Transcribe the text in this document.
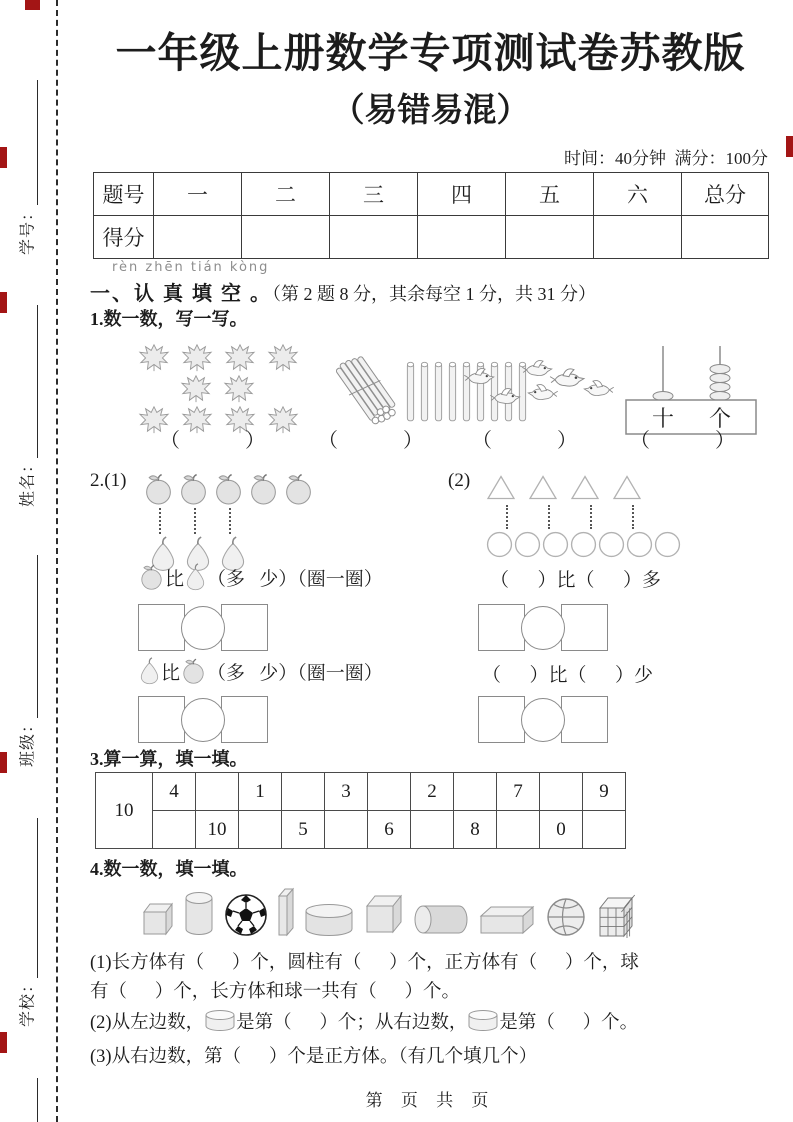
学号：
姓名：
班级：
学校：
一年级上册数学专项测试卷苏教版
（易错易混）
时间：40分钟  满分：100分
题号	一	二	三	四	五	六	总分
得分							
rèn zhēn tián kòng
一、认 真 填 空 。（第 2 题 8 分，其余每空 1 分，共 31 分）
1.数一数，写一写。
十 个
（         ）	（         ） （         ）	（         ）
2.(1)
比 （多   少）（圈一圈）
比 （多   少）（圈一圈）
(2)
（      ）比（      ）多
（      ）比（      ）少
3.算一算，填一填。
10	4		1		3		2		7		9
		10		5		6		8		0	
4.数一数，填一填。
(1)长方体有（      ）个，圆柱有（      ）个，正方体有（      ）个，球
有（      ）个，长方体和球一共有（      ）个。
(2)从左边数， 是第（      ）个；从右边数， 是第（      ）个。
(3)从右边数，第（      ）个是正方体。（有几个填几个）
第 页 共 页
